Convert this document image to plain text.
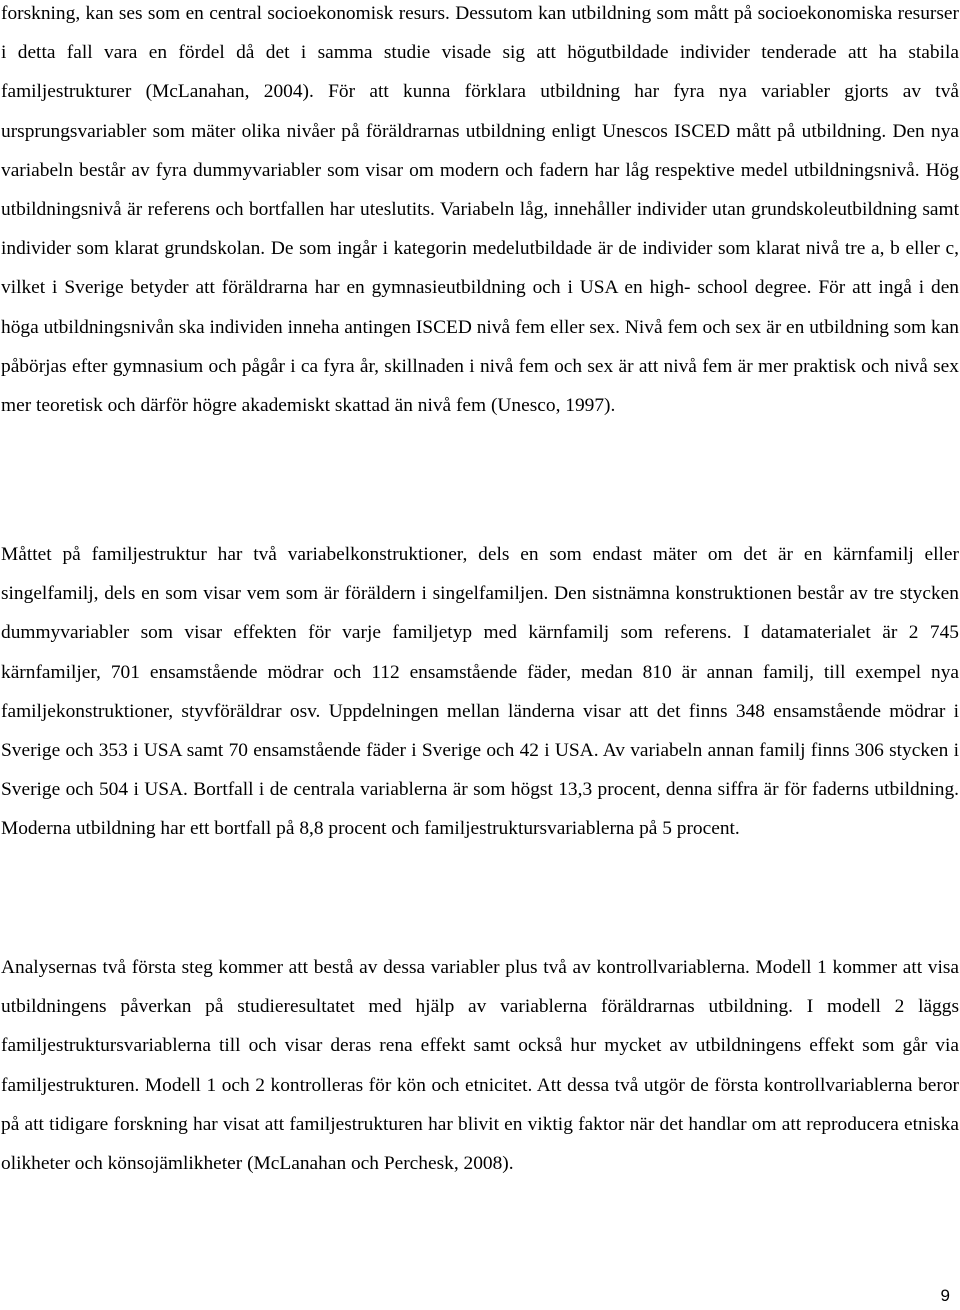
forskning, kan ses som en central socioekonomisk resurs. Dessutom kan utbildning som mått på socioekonomiska resurser i detta fall vara en fördel då det i samma studie visade sig att högutbildade individer tenderade att ha stabila familjestrukturer (McLanahan, 2004). För att kunna förklara utbildning har fyra nya variabler gjorts av två ursprungsvariabler som mäter olika nivåer på föräldrarnas utbildning enligt Unescos ISCED mått på utbildning. Den nya variabeln består av fyra dummyvariabler som visar om modern och fadern har låg respektive medel utbildningsnivå. Hög utbildningsnivå är referens och bortfallen har uteslutits. Variabeln låg, innehåller individer utan grundskoleutbildning samt individer som klarat grundskolan. De som ingår i kategorin medelutbildade är de individer som klarat nivå tre a, b eller c, vilket i Sverige betyder att föräldrarna har en gymnasieutbildning och i USA en high- school degree. För att ingå i den höga utbildningsnivån ska individen inneha antingen ISCED nivå fem eller sex. Nivå fem och sex är en utbildning som kan påbörjas efter gymnasium och pågår i ca fyra år, skillnaden i nivå fem och sex är att nivå fem är mer praktisk och nivå sex mer teoretisk och därför högre akademiskt skattad än nivå fem (Unesco, 1997).

Måttet på familjestruktur har två variabelkonstruktioner, dels en som endast mäter om det är en kärnfamilj eller singelfamilj, dels en som visar vem som är föräldern i singelfamiljen. Den sistnämna konstruktionen består av tre stycken dummyvariabler som visar effekten för varje familjetyp med kärnfamilj som referens. I datamaterialet är 2 745 kärnfamiljer, 701 ensamstående mödrar och 112 ensamstående fäder, medan 810 är annan familj, till exempel nya familjekonstruktioner, styvföräldrar osv. Uppdelningen mellan länderna visar att det finns 348 ensamstående mödrar i Sverige och 353 i USA samt 70 ensamstående fäder i Sverige och 42 i USA. Av variabeln annan familj finns 306 stycken i Sverige och 504 i USA. Bortfall i de centrala variablerna är som högst 13,3 procent, denna siffra är för faderns utbildning. Moderna utbildning har ett bortfall på 8,8 procent och familjestruktursvariablerna på 5 procent.

Analysernas två första steg kommer att bestå av dessa variabler plus två av kontrollvariablerna. Modell 1 kommer att visa utbildningens påverkan på studieresultatet med hjälp av variablerna föräldrarnas utbildning. I modell 2 läggs familjestruktursvariablerna till och visar deras rena effekt samt också hur mycket av utbildningens effekt som går via familjestrukturen. Modell 1 och 2 kontrolleras för kön och etnicitet. Att dessa två utgör de första kontrollvariablerna beror på att tidigare forskning har visat att familjestrukturen har blivit en viktig faktor när det handlar om att reproducera etniska olikheter och könsojämlikheter (McLanahan och Perchesk, 2008).

9
